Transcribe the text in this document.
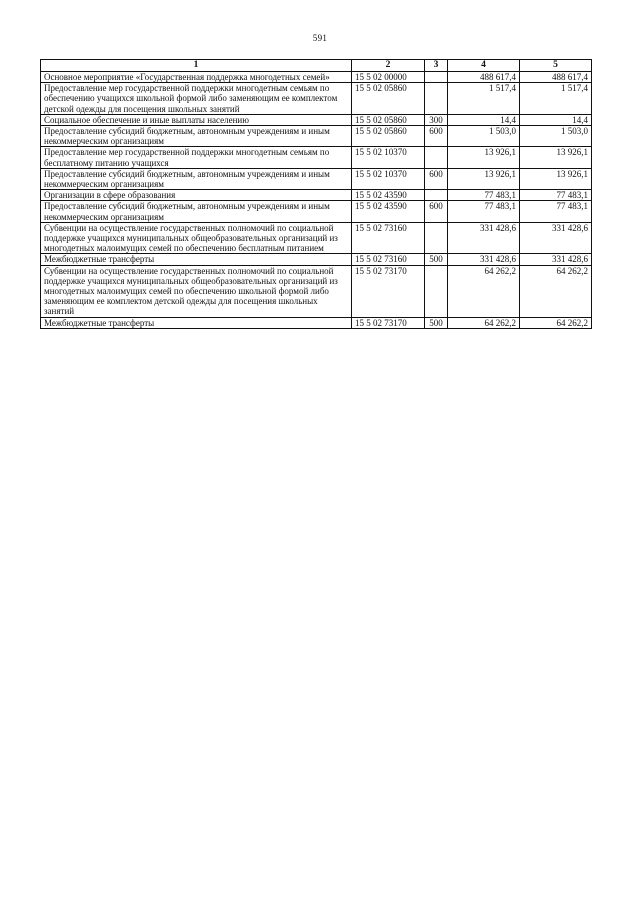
591
1	2	3	4	5
Основное мероприятие «Государственная поддержка многодетных семей»	15 5 02 00000		488 617,4	488 617,4
Предоставление мер государственной поддержки многодетным семьям по обеспечению учащихся школьной формой либо заменяющим ее комплектом детской одежды для посещения школьных занятий	15 5 02 05860		1 517,4	1 517,4
Социальное обеспечение и иные выплаты населению	15 5 02 05860	300	14,4	14,4
Предоставление субсидий бюджетным, автономным учреждениям и иным некоммерческим организациям	15 5 02 05860	600	1 503,0	1 503,0
Предоставление мер государственной поддержки многодетным семьям по бесплатному питанию учащихся	15 5 02 10370		13 926,1	13 926,1
Предоставление субсидий бюджетным, автономным учреждениям и иным некоммерческим организациям	15 5 02 10370	600	13 926,1	13 926,1
Организации в сфере образования	15 5 02 43590		77 483,1	77 483,1
Предоставление субсидий бюджетным, автономным учреждениям и иным некоммерческим организациям	15 5 02 43590	600	77 483,1	77 483,1
Субвенции на осуществление государственных полномочий по социальной поддержке учащихся муниципальных общеобразовательных организаций из многодетных малоимущих семей по обеспечению бесплатным питанием	15 5 02 73160		331 428,6	331 428,6
Межбюджетные трансферты	15 5 02 73160	500	331 428,6	331 428,6
Субвенции на осуществление государственных полномочий по социальной поддержке учащихся муниципальных общеобразовательных организаций из многодетных малоимущих семей по обеспечению школьной формой либо заменяющим ее комплектом детской одежды для посещения школьных занятий	15 5 02 73170		64 262,2	64 262,2
Межбюджетные трансферты	15 5 02 73170	500	64 262,2	64 262,2
